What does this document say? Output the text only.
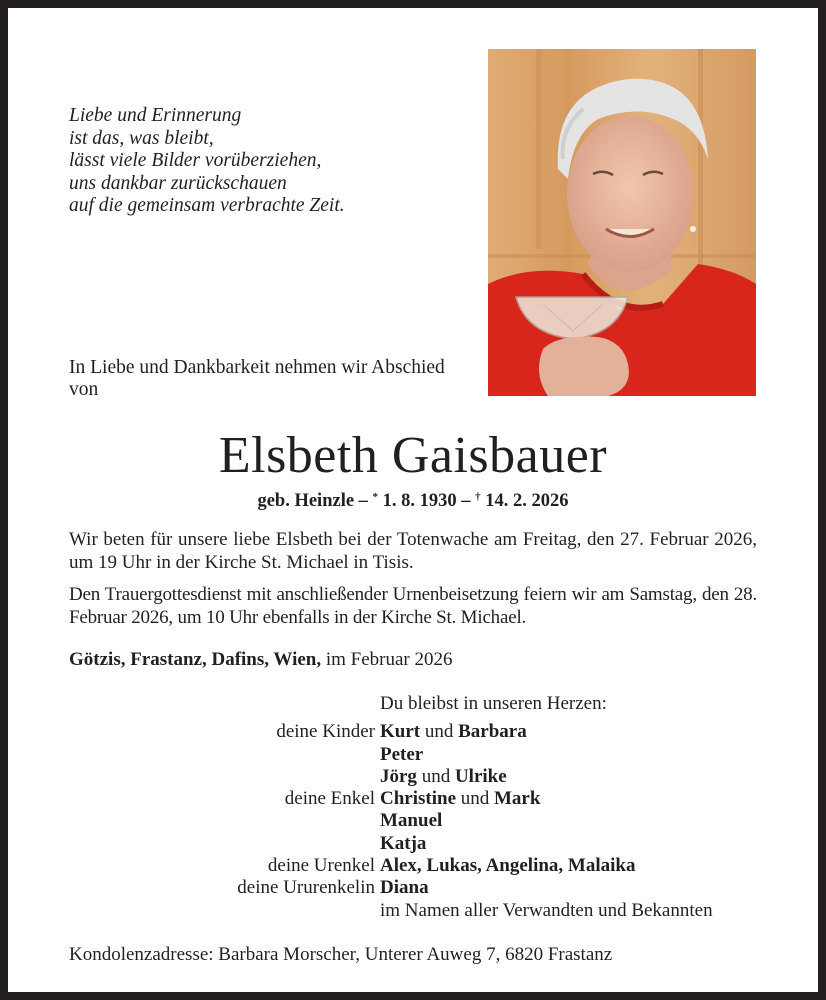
Liebe und Erinnerung
ist das, was bleibt,
lässt viele Bilder vorüberziehen,
uns dankbar zurückschauen
auf die gemeinsam verbrachte Zeit.
In Liebe und Dankbarkeit nehmen wir Abschied von
Elsbeth Gaisbauer
geb. Heinzle – * 1. 8. 1930 – † 14. 2. 2026
Wir beten für unsere liebe Elsbeth bei der Totenwache am Freitag, den 27. Februar 2026, um 19 Uhr in der Kirche St. Michael in Tisis.
Den Trauergottesdienst mit anschließender Urnenbeisetzung feiern wir am Samstag, den 28. Februar 2026, um 10 Uhr ebenfalls in der Kirche St. Michael.
Götzis, Frastanz, Dafins, Wien, im Februar 2026
Du bleibst in unseren Herzen:
deine Kinder Kurt und Barbara
Peter
Jörg und Ulrike
deine Enkel Christine und Mark
Manuel
Katja
deine Urenkel Alex, Lukas, Angelina, Malaika
deine Ururenkelin Diana
im Namen aller Verwandten und Bekannten
Kondolenzadresse: Barbara Morscher, Unterer Auweg 7, 6820 Frastanz
